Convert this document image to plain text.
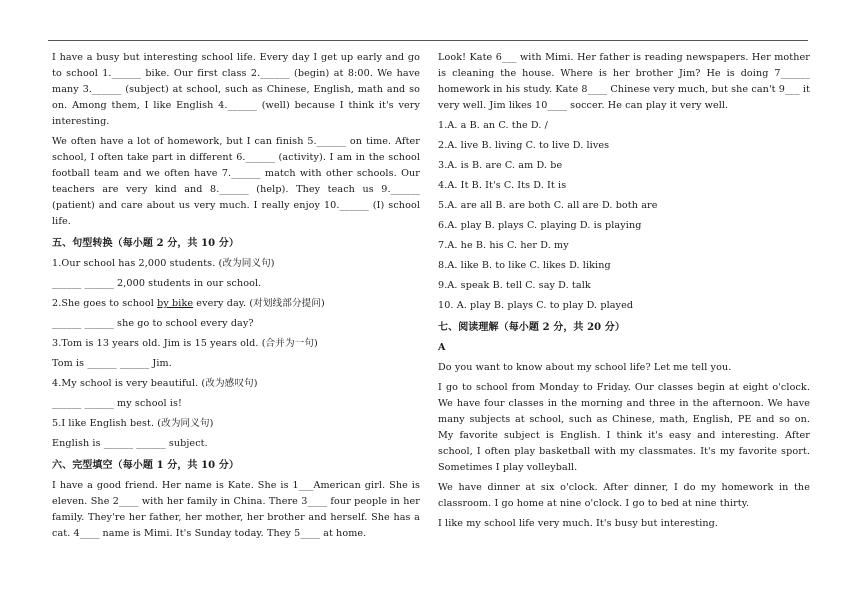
I have a busy but interesting school life. Every day I get up early and go to school 1.______ bike. Our first class 2.______ (begin) at 8:00. We have many 3.______ (subject) at school, such as Chinese, English, math and so on. Among them, I like English 4.______ (well) because I think it's very interesting.

We often have a lot of homework, but I can finish 5.______ on time. After school, I often take part in different 6.______ (activity). I am in the school football team and we often have 7.______ match with other schools. Our teachers are very kind and 8.______ (help). They teach us 9.______ (patient) and care about us very much. I really enjoy 10.______ (I) school life.

五、句型转换（每小题 2 分，共 10 分）
1.Our school has 2,000 students. (改为同义句)
______ ______ 2,000 students in our school.
2.She goes to school by bike every day. (对划线部分提问)
______ ______ she go to school every day?
3.Tom is 13 years old. Jim is 15 years old. (合并为一句)
Tom is ______ ______ Jim.
4.My school is very beautiful. (改为感叹句)
______ ______ my school is!
5.I like English best. (改为同义句)
English is ______ ______ subject.
六、完型填空（每小题 1 分，共 10 分）

I have a good friend. Her name is Kate. She is 1___American girl. She is eleven. She 2____ with her family in China. There 3____ four people in her family. They're her father, her mother, her brother and herself. She has a cat. 4____ name is Mimi. It's Sunday today. They 5____ at home.

Look! Kate 6___ with Mimi. Her father is reading newspapers. Her mother is cleaning the house. Where is her brother Jim? He is doing 7______ homework in his study. Kate 8____ Chinese very much, but she can't 9___ it very well. Jim likes 10____ soccer. He can play it very well.

1.A. a B. an C. the D. /
2.A. live B. living C. to live D. lives
3.A. is B. are C. am D. be
4.A. It B. It's C. Its D. It is
5.A. are all B. are both C. all are D. both are
6.A. play B. plays C. playing D. is playing
7.A. he B. his C. her D. my
8.A. like B. to like C. likes D. liking
9.A. speak B. tell C. say D. talk
10. A. play B. plays C. to play D. played
七、阅读理解（每小题 2 分，共 20 分）
A

Do you want to know about my school life? Let me tell you.

I go to school from Monday to Friday. Our classes begin at eight o'clock. We have four classes in the morning and three in the afternoon. We have many subjects at school, such as Chinese, math, English, PE and so on. My favorite subject is English. I think it's easy and interesting. After school, I often play basketball with my classmates. It's my favorite sport. Sometimes I play volleyball.

We have dinner at six o'clock. After dinner, I do my homework in the classroom. I go home at nine o'clock. I go to bed at nine thirty.

I like my school life very much. It's busy but interesting.
